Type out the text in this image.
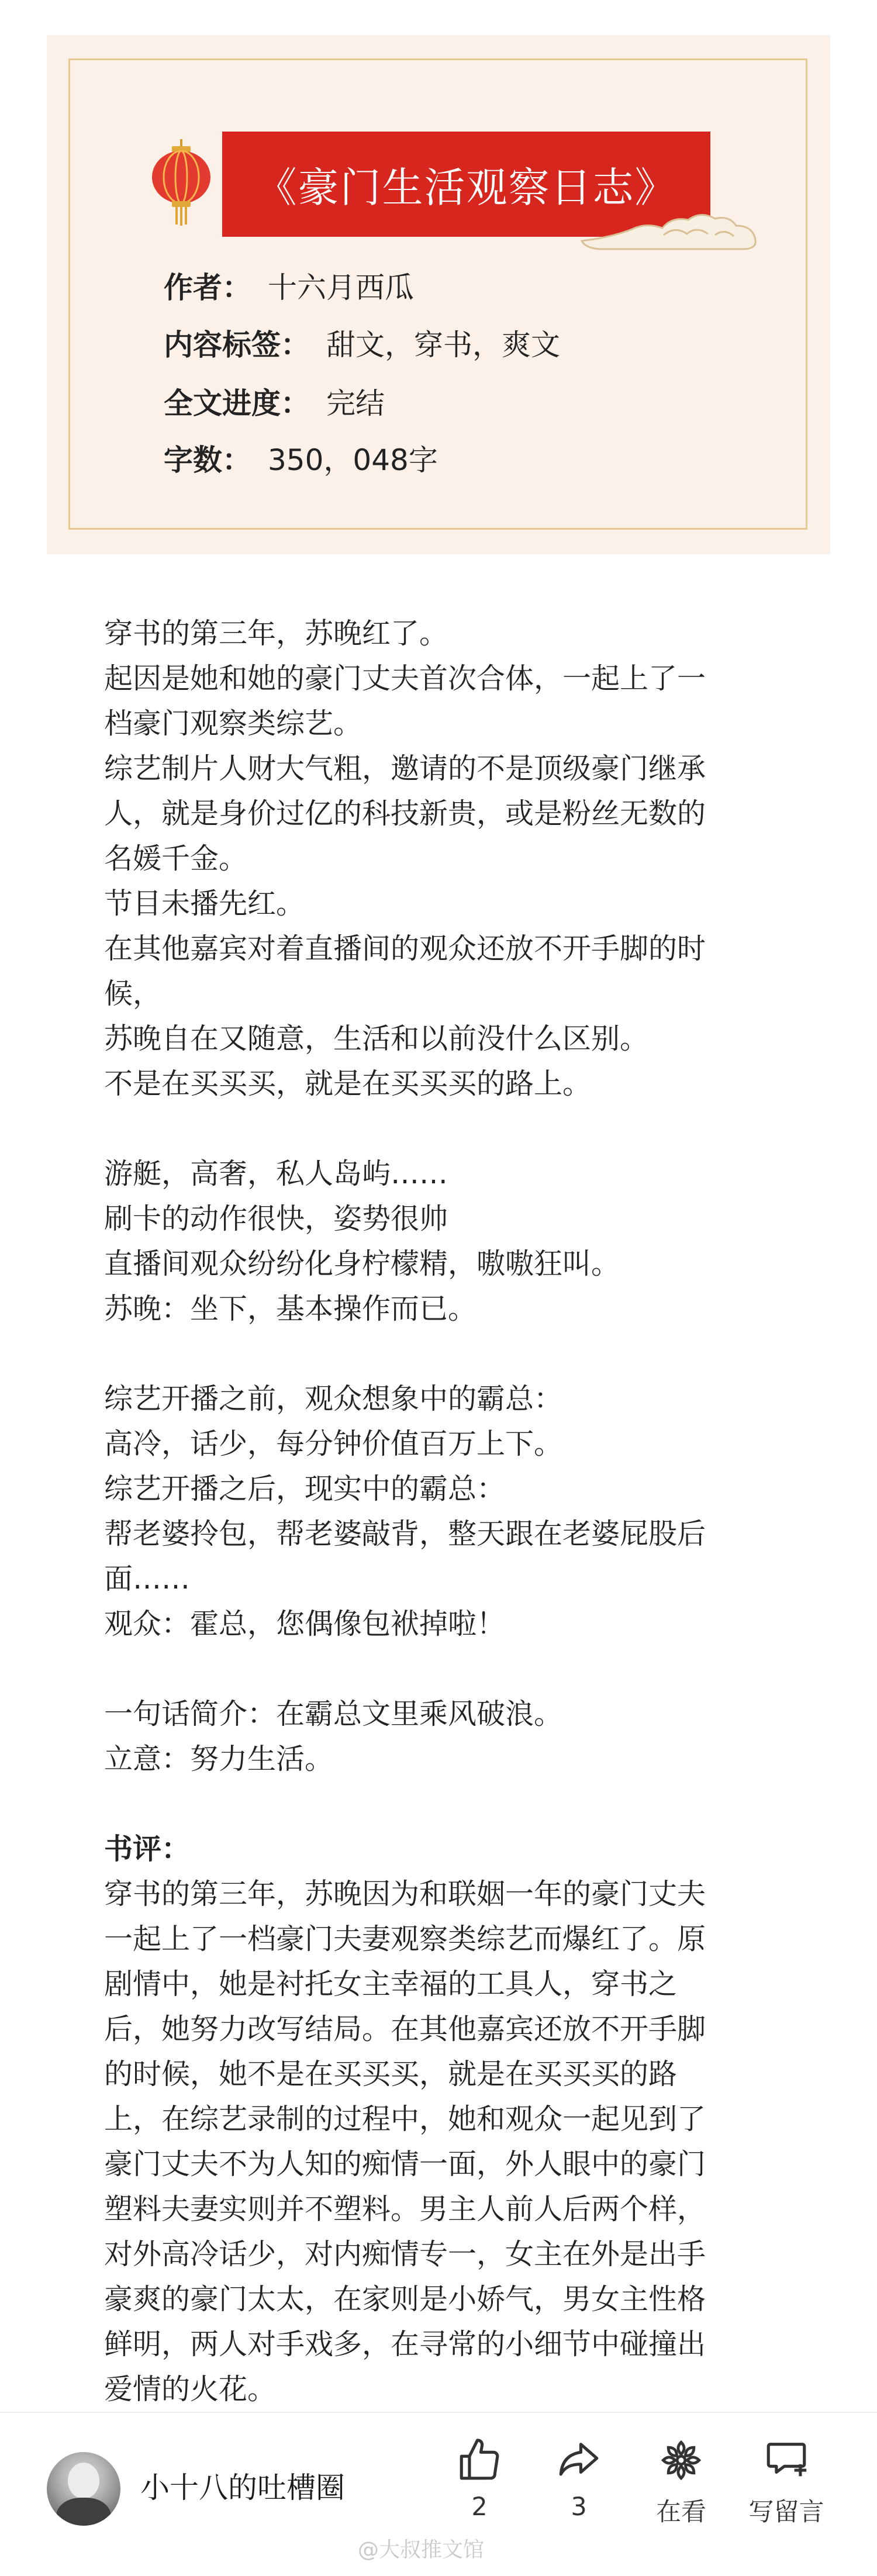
《豪门生活观察日志》
作者： 十六月西瓜
内容标签： 甜文，穿书，爽文
全文进度： 完结
字数： 350，048字

穿书的第三年，苏晚红了。

起因是她和她的豪门丈夫首次合体，一起上了一

档豪门观察类综艺。

综艺制片人财大气粗，邀请的不是顶级豪门继承

人，就是身价过亿的科技新贵，或是粉丝无数的

名媛千金。

节目未播先红。

在其他嘉宾对着直播间的观众还放不开手脚的时

候，

苏晚自在又随意，生活和以前没什么区别。

不是在买买买，就是在买买买的路上。

游艇，高奢，私人岛屿……

刷卡的动作很快，姿势很帅

直播间观众纷纷化身柠檬精，嗷嗷狂叫。

苏晚：坐下，基本操作而已。

综艺开播之前，观众想象中的霸总：

高冷，话少，每分钟价值百万上下。

综艺开播之后，现实中的霸总：

帮老婆拎包，帮老婆敲背，整天跟在老婆屁股后

面……

观众：霍总，您偶像包袱掉啦！

一句话简介：在霸总文里乘风破浪。

立意：努力生活。

书评：

穿书的第三年，苏晚因为和联姻一年的豪门丈夫

一起上了一档豪门夫妻观察类综艺而爆红了。原

剧情中，她是衬托女主幸福的工具人，穿书之

后，她努力改写结局。在其他嘉宾还放不开手脚

的时候，她不是在买买买，就是在买买买的路

上，在综艺录制的过程中，她和观众一起见到了

豪门丈夫不为人知的痴情一面，外人眼中的豪门

塑料夫妻实则并不塑料。男主人前人后两个样，

对外高冷话少，对内痴情专一，女主在外是出手

豪爽的豪门太太，在家则是小娇气，男女主性格

鲜明，两人对手戏多，在寻常的小细节中碰撞出

爱情的火花。

小十八的吐槽圈
2	3	在看	写留言
@大叔推文馆
